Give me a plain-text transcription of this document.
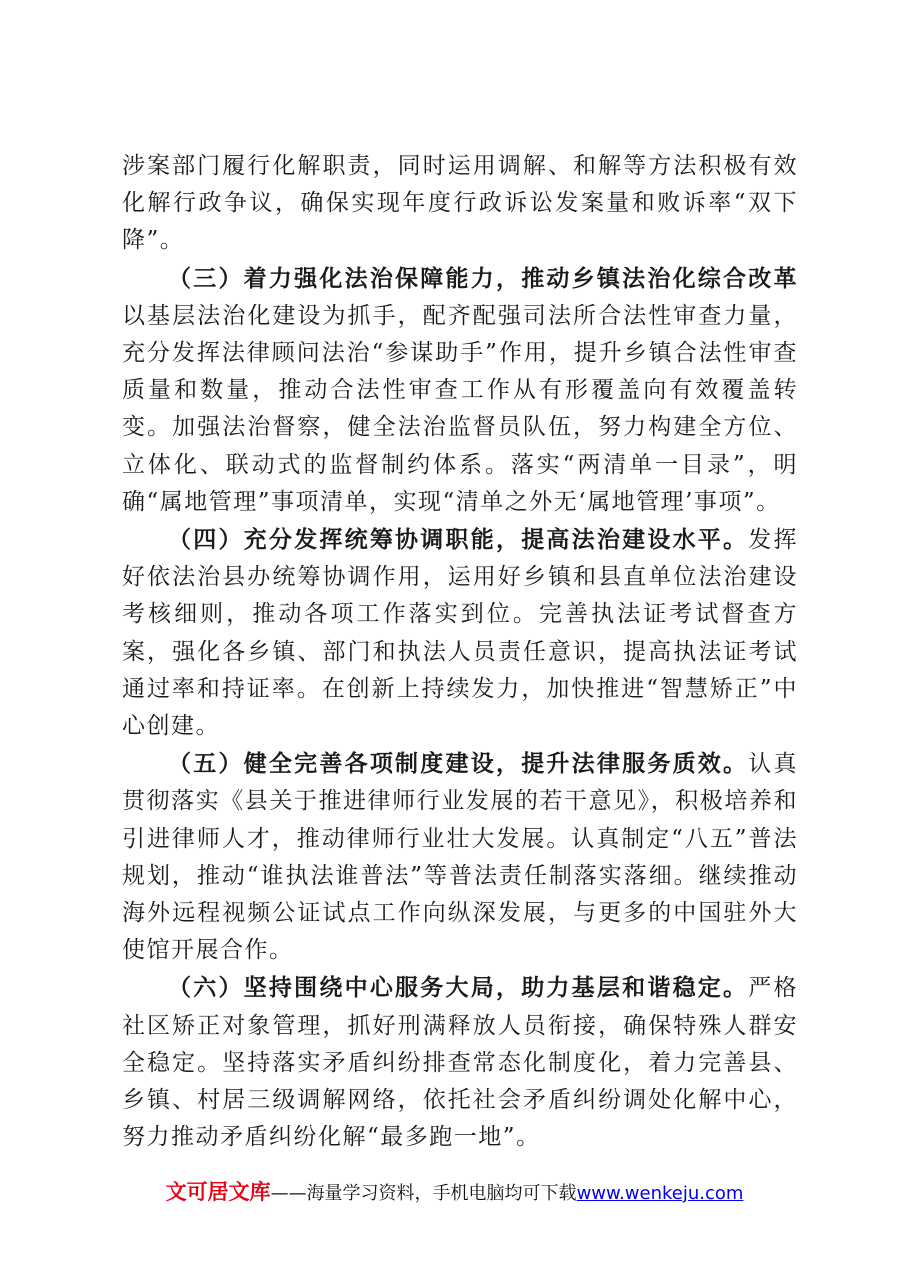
涉案部门履行化解职责，同时运用调解、和解等方法积极有效化解行政争议，确保实现年度行政诉讼发案量和败诉率“双下降”。

（三）着力强化法治保障能力，推动乡镇法治化综合改革以基层法治化建设为抓手，配齐配强司法所合法性审查力量，充分发挥法律顾问法治“参谋助手”作用，提升乡镇合法性审查质量和数量，推动合法性审查工作从有形覆盖向有效覆盖转变。加强法治督察，健全法治监督员队伍，努力构建全方位、立体化、联动式的监督制约体系。落实“两清单一目录”，明确“属地管理”事项清单，实现“清单之外无‘属地管理’事项”。

（四）充分发挥统筹协调职能，提高法治建设水平。发挥好依法治县办统筹协调作用，运用好乡镇和县直单位法治建设考核细则，推动各项工作落实到位。完善执法证考试督查方案，强化各乡镇、部门和执法人员责任意识，提高执法证考试通过率和持证率。在创新上持续发力，加快推进“智慧矫正”中心创建。

（五）健全完善各项制度建设，提升法律服务质效。认真贯彻落实《县关于推进律师行业发展的若干意见》，积极培养和引进律师人才，推动律师行业壮大发展。认真制定“八五”普法规划，推动“谁执法谁普法”等普法责任制落实落细。继续推动海外远程视频公证试点工作向纵深发展，与更多的中国驻外大使馆开展合作。

（六）坚持围绕中心服务大局，助力基层和谐稳定。严格社区矫正对象管理，抓好刑满释放人员衔接，确保特殊人群安全稳定。坚持落实矛盾纠纷排查常态化制度化，着力完善县、乡镇、村居三级调解网络，依托社会矛盾纠纷调处化解中心，努力推动矛盾纠纷化解“最多跑一地”。

文可居文库——海量学习资料，手机电脑均可下载www.wenkeju.com
